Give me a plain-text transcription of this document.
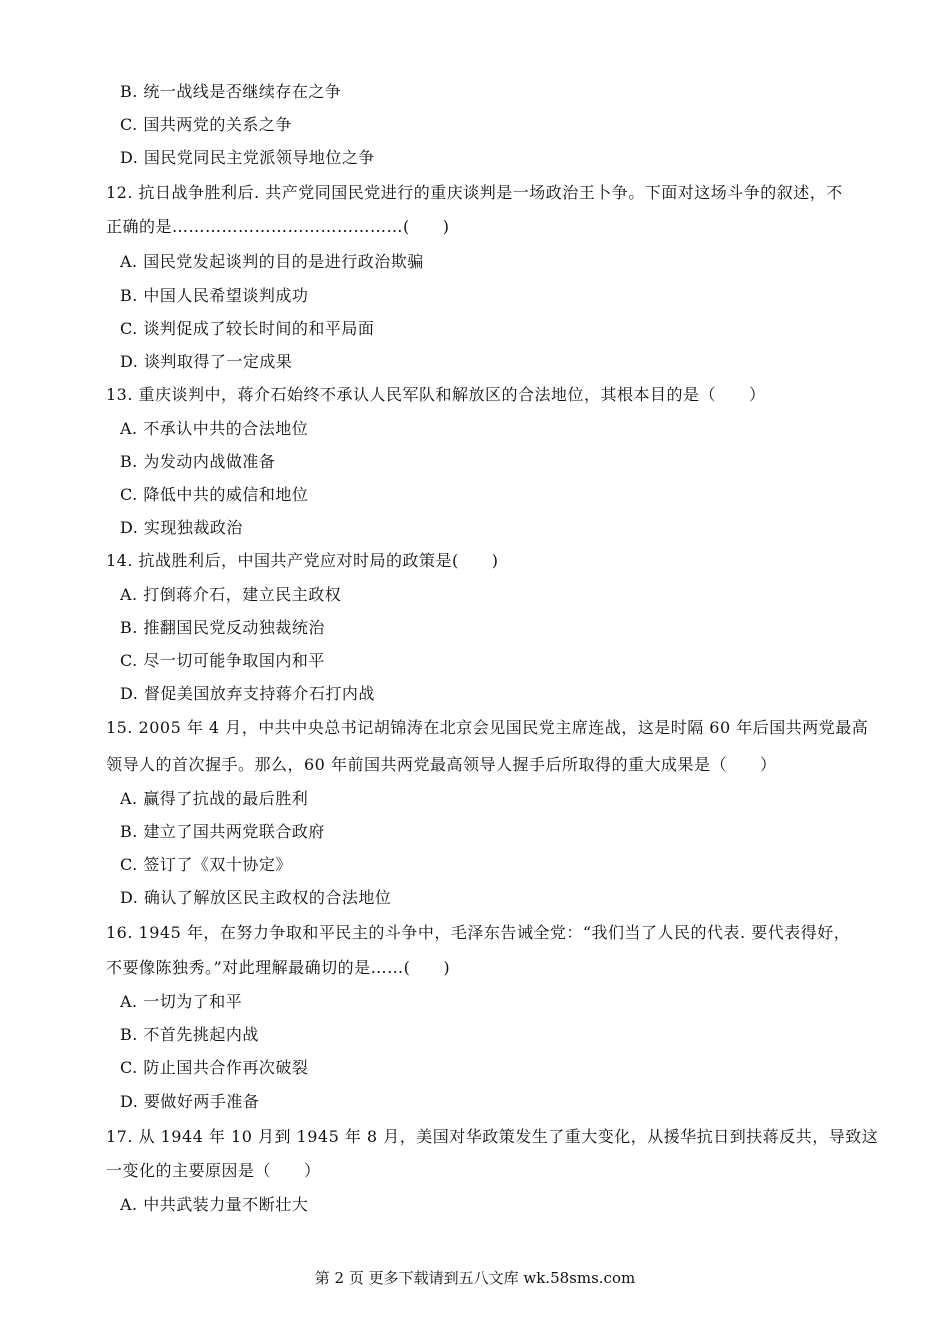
B. 统一战线是否继续存在之争
C. 国共两党的关系之争
D. 国民党同民主党派领导地位之争
12. 抗日战争胜利后. 共产党同国民党进行的重庆谈判是一场政治王卜争。下面对这场斗争的叙述，不
正确的是……………………………………(　　)
A. 国民党发起谈判的目的是进行政治欺骗
B. 中国人民希望谈判成功
C. 谈判促成了较长时间的和平局面
D. 谈判取得了一定成果
13. 重庆谈判中，蒋介石始终不承认人民军队和解放区的合法地位，其根本目的是（　　）
A. 不承认中共的合法地位
B. 为发动内战做准备
C. 降低中共的威信和地位
D. 实现独裁政治
14. 抗战胜利后，中国共产党应对时局的政策是(　　)
A. 打倒蒋介石，建立民主政权
B. 推翻国民党反动独裁统治
C. 尽一切可能争取国内和平
D. 督促美国放弃支持蒋介石打内战
15. 2005 年 4 月，中共中央总书记胡锦涛在北京会见国民党主席连战，这是时隔 60 年后国共两党最高
领导人的首次握手。那么，60 年前国共两党最高领导人握手后所取得的重大成果是（　　）
A. 赢得了抗战的最后胜利
B. 建立了国共两党联合政府
C. 签订了《双十协定》
D. 确认了解放区民主政权的合法地位
16. 1945 年，在努力争取和平民主的斗争中，毛泽东告诫全党：“我们当了人民的代表. 要代表得好，
不要像陈独秀。”对此理解最确切的是……(　　)
A. 一切为了和平
B. 不首先挑起内战
C. 防止国共合作再次破裂
D. 要做好两手准备
17. 从 1944 年 10 月到 1945 年 8 月，美国对华政策发生了重大变化，从援华抗日到扶蒋反共，导致这
一变化的主要原因是（　　）
A. 中共武装力量不断壮大
第 2 页 更多下载请到五八文库 wk.58sms.com
